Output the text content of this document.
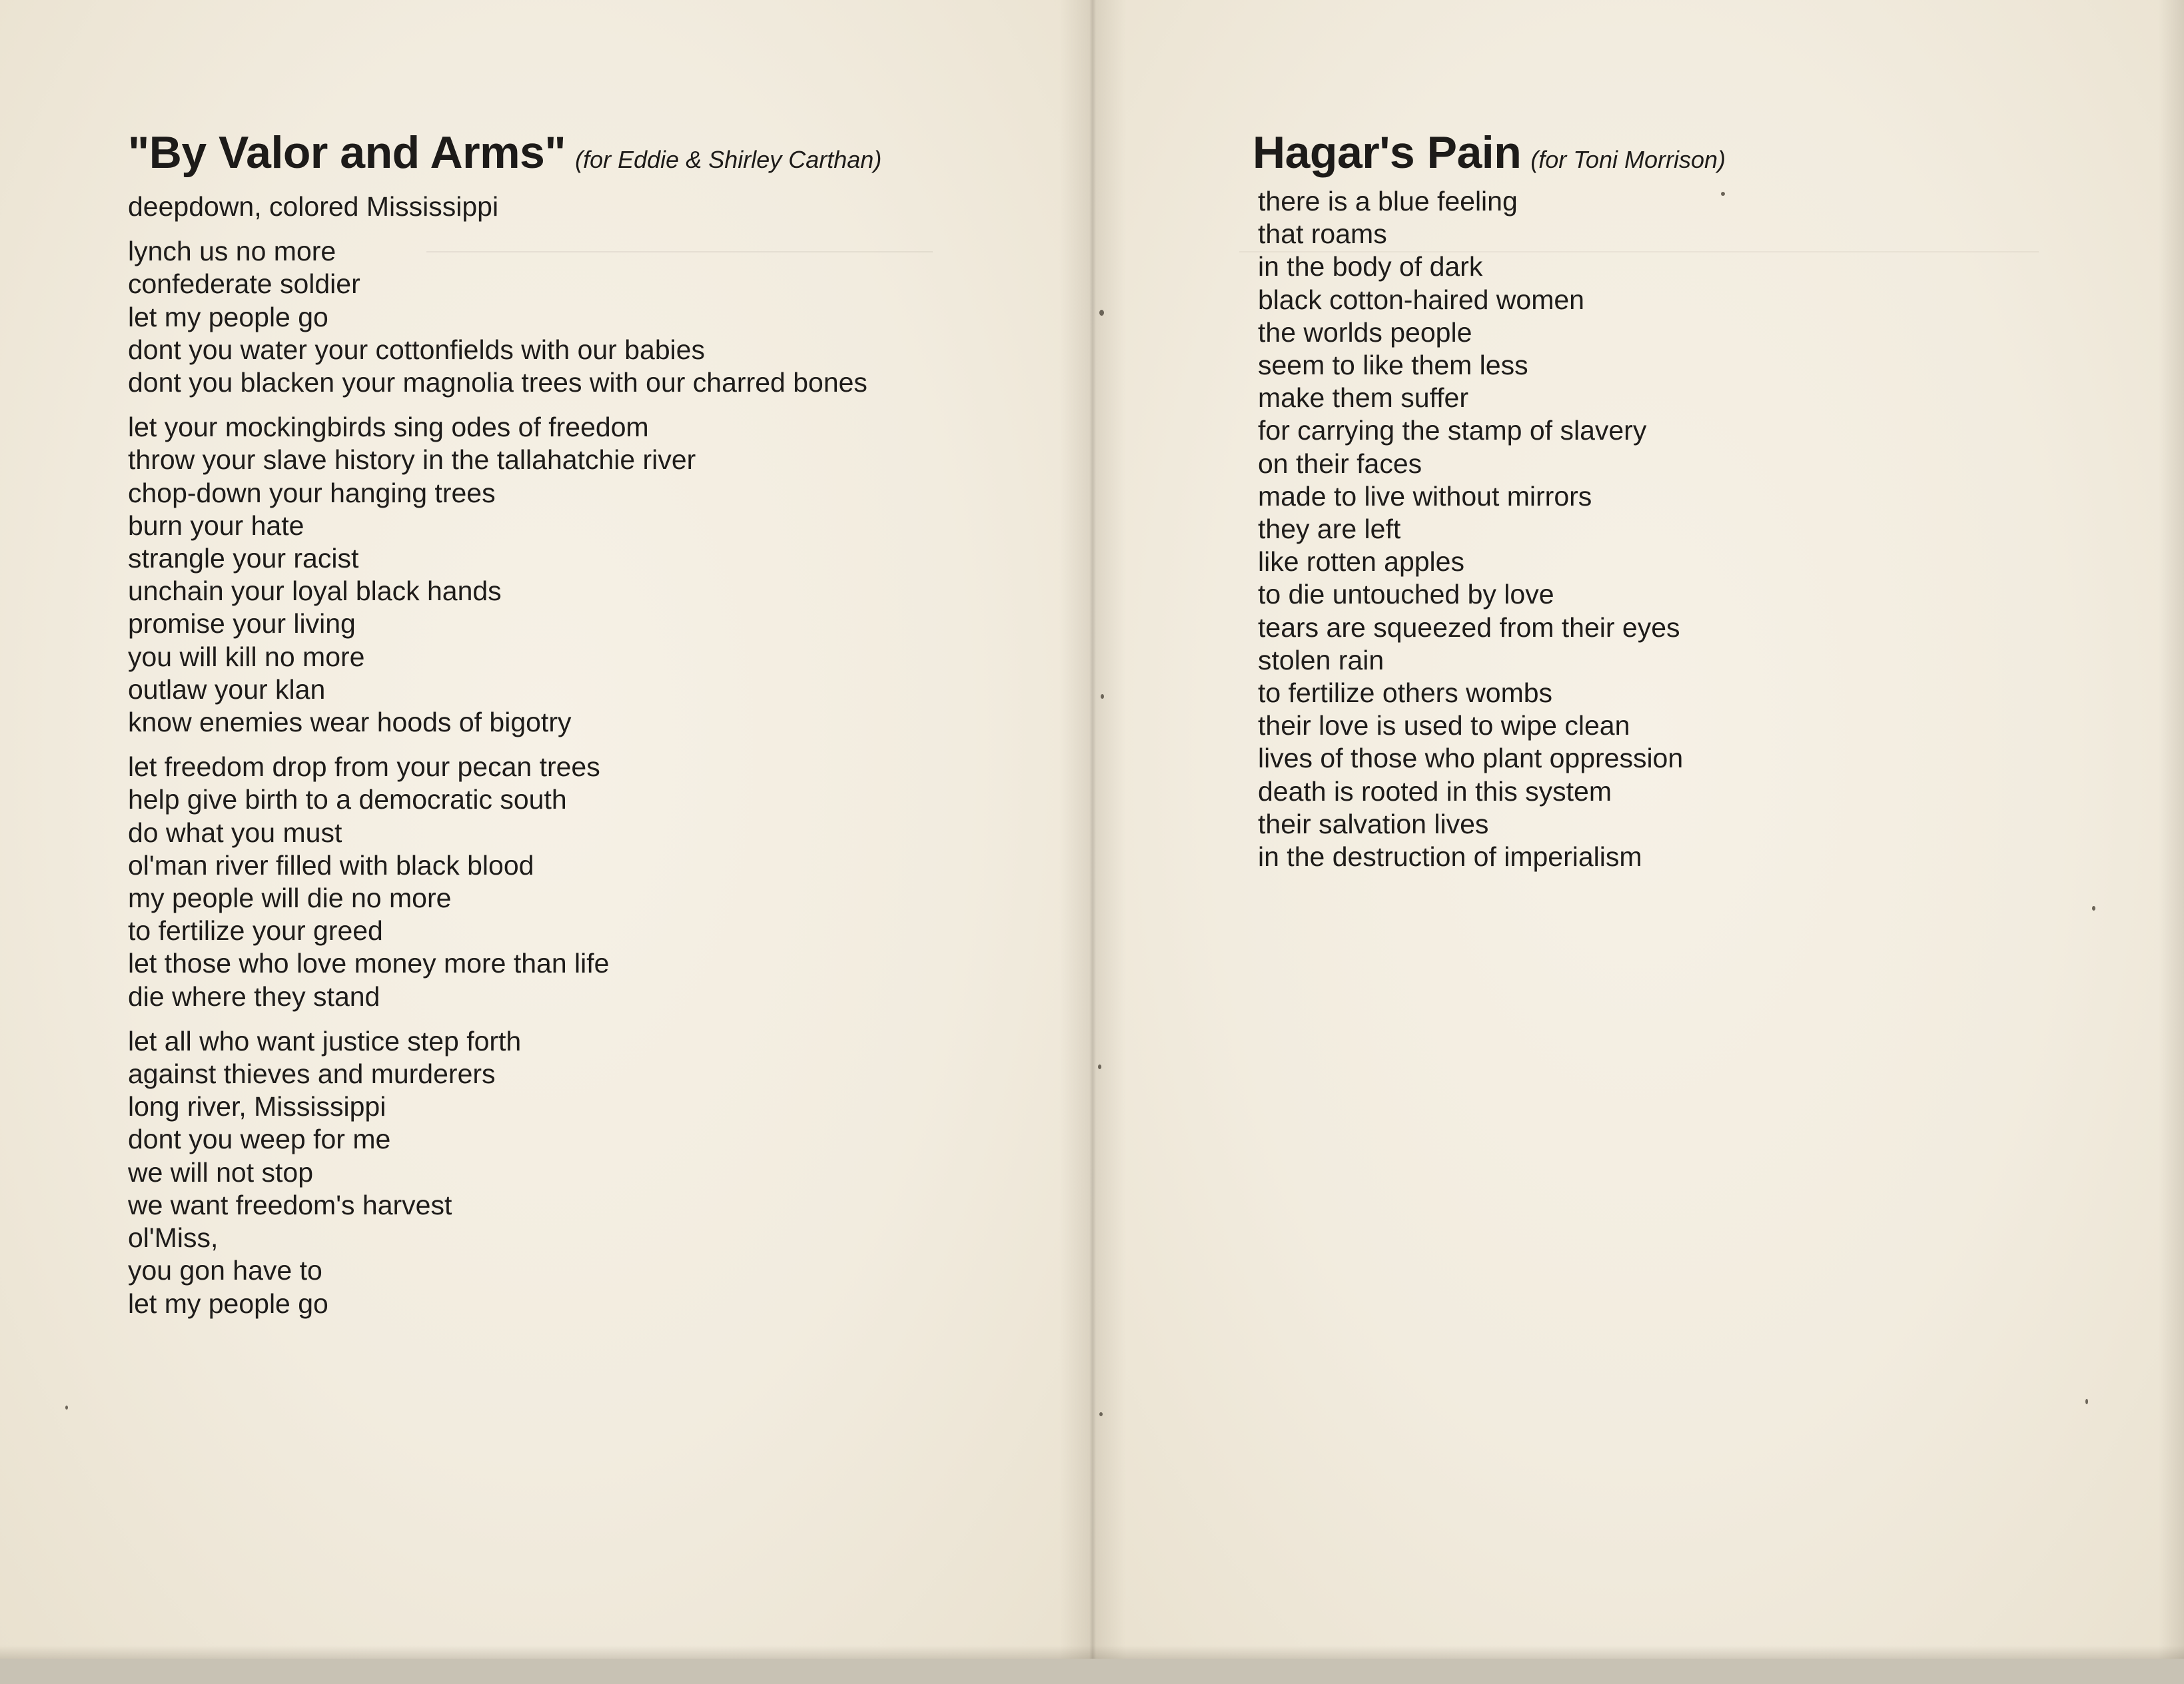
"By Valor and Arms" (for Eddie & Shirley Carthan)
deepdown, colored Mississippi
lynch us no more
confederate soldier
let my people go
dont you water your cottonfields with our babies
dont you blacken your magnolia trees with our charred bones
let your mockingbirds sing odes of freedom
throw your slave history in the tallahatchie river
chop-down your hanging trees
burn your hate
strangle your racist
unchain your loyal black hands
promise your living
you will kill no more
outlaw your klan
know enemies wear hoods of bigotry
let freedom drop from your pecan trees
help give birth to a democratic south
do what you must
ol'man river filled with black blood
my people will die no more
to fertilize your greed
let those who love money more than life
die where they stand
let all who want justice step forth
against thieves and murderers
long river, Mississippi
dont you weep for me
we will not stop
we want freedom's harvest
ol'Miss,
you gon have to
let my people go
Hagar's Pain (for Toni Morrison)
there is a blue feeling
that roams
in the body of dark
black cotton-haired women
the worlds people
seem to like them less
make them suffer
for carrying the stamp of slavery
on their faces
made to live without mirrors
they are left
like rotten apples
to die untouched by love
tears are squeezed from their eyes
stolen rain
to fertilize others wombs
their love is used to wipe clean
lives of those who plant oppression
death is rooted in this system
their salvation lives
in the destruction of imperialism
